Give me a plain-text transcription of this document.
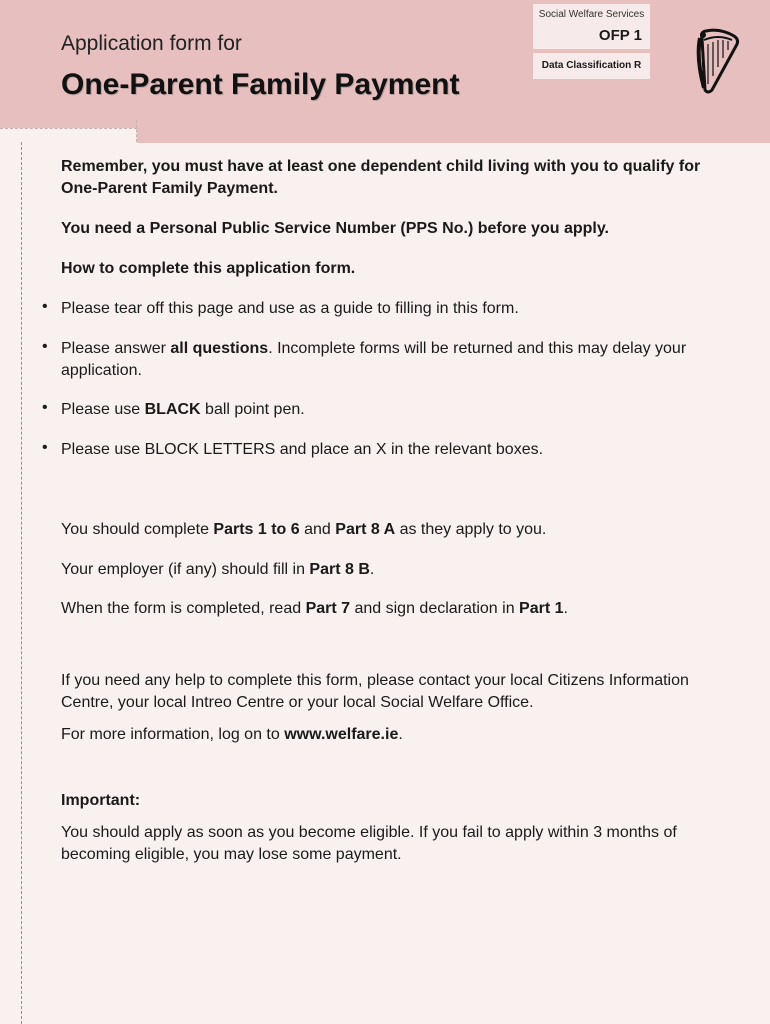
Application form for
One-Parent Family Payment
Social Welfare Services
OFP 1
Data Classification R
Remember, you must have at least one dependent child living with you to qualify for One-Parent Family Payment.
You need a Personal Public Service Number (PPS No.) before you apply.
How to complete this application form.
• Please tear off this page and use as a guide to filling in this form.
• Please answer all questions. Incomplete forms will be returned and this may delay your application.
• Please use BLACK ball point pen.
• Please use BLOCK LETTERS and place an X in the relevant boxes.
You should complete Parts 1 to 6 and Part 8 A as they apply to you.
Your employer (if any) should fill in Part 8 B.
When the form is completed, read Part 7 and sign declaration in Part 1.
If you need any help to complete this form, please contact your local Citizens Information Centre, your local Intreo Centre or your local Social Welfare Office.
For more information, log on to www.welfare.ie.
Important:
You should apply as soon as you become eligible. If you fail to apply within 3 months of becoming eligible, you may lose some payment.
